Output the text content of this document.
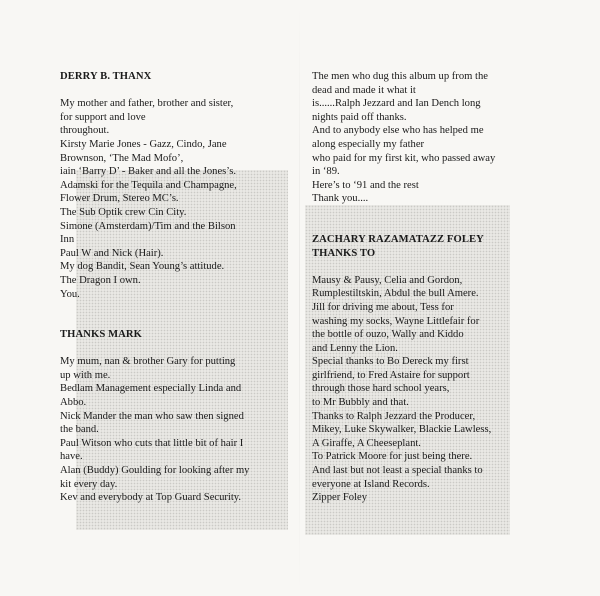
DERRY B. THANX

My mother and father, brother and sister,

for support and love

throughout.

Kirsty Marie Jones - Gazz, Cindo, Jane

Brownson, ‘The Mad Mofo’,

iain ‘Barry D’ - Baker and all the Jones’s.

Adamski for the Tequila and Champagne,

Flower Drum, Stereo MC’s.

The Sub Optik crew Cin City.

Simone (Amsterdam)/Tim and the Bilson

Inn

Paul W and Nick (Hair).

My dog Bandit, Sean Young’s attitude.

The Dragon I own.

You.

THANKS MARK

My mum, nan & brother Gary for putting

up with me.

Bedlam Management especially Linda and

Abbo.

Nick Mander the man who saw then signed

the band.

Paul Witson who cuts that little bit of hair I

have.

Alan (Buddy) Goulding for looking after my

kit every day.

Kev and everybody at Top Guard Security.

The men who dug this album up from the

dead and made it what it

is......Ralph Jezzard and Ian Dench long

nights paid off thanks.

And to anybody else who has helped me

along especially my father

who paid for my first kit, who passed away

in ‘89.

Here’s to ‘91 and the rest

Thank you....

ZACHARY RAZAMATAZZ FOLEY
THANKS TO

Mausy & Pausy, Celia and Gordon,

Rumplestiltskin, Abdul the bull Amere.

Jill for driving me about, Tess for

washing my socks, Wayne Littlefair for

the bottle of ouzo, Wally and Kiddo

and Lenny the Lion.

Special thanks to Bo Dereck my first

girlfriend, to Fred Astaire for support

through those hard school years,

to Mr Bubbly and that.

Thanks to Ralph Jezzard the Producer,

Mikey, Luke Skywalker, Blackie Lawless,

A Giraffe, A Cheeseplant.

To Patrick Moore for just being there.

And last but not least a special thanks to

everyone at Island Records.

Zipper Foley
